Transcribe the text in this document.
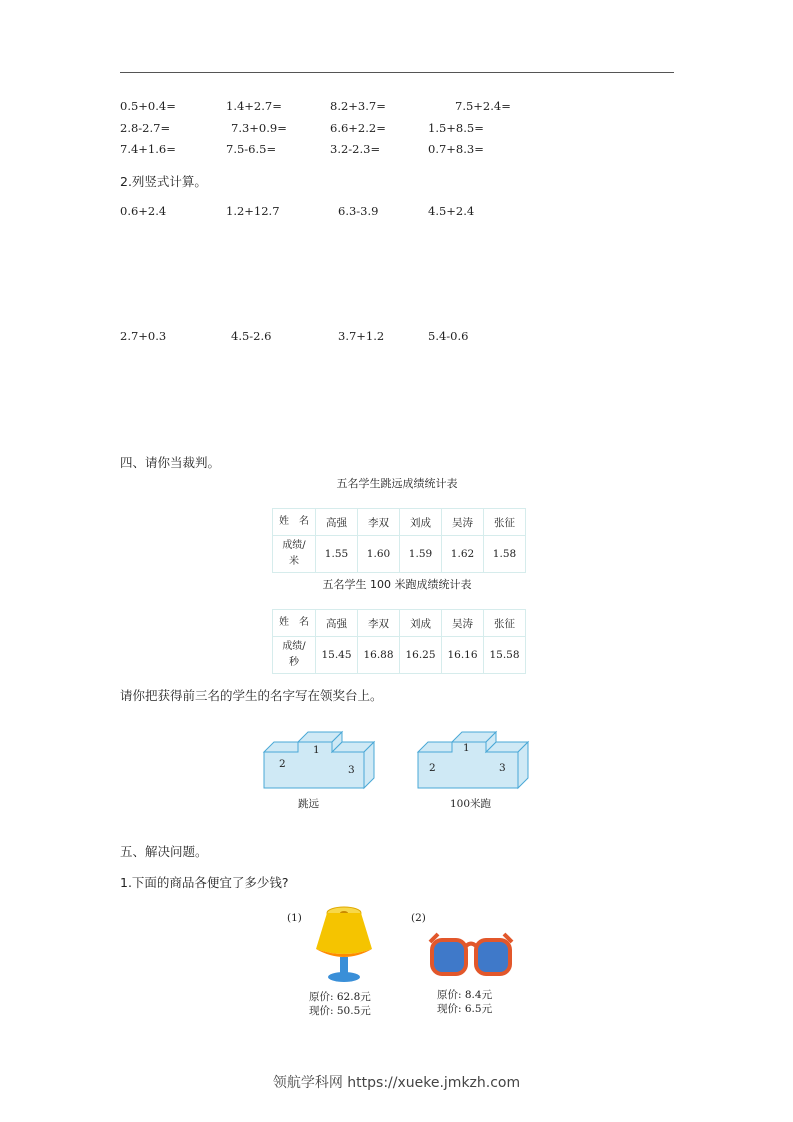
0.5+0.4=	1.4+2.7=	8.2+3.7=	7.5+2.4=
2.8-2.7=	7.3+0.9=	6.6+2.2=	1.5+8.5=
7.4+1.6=	7.5-6.5=	3.2-2.3=	0.7+8.3=
2.列竖式计算。
0.6+2.4	1.2+12.7	6.3-3.9	4.5+2.4
2.7+0.3	4.5-2.6	3.7+1.2	5.4-0.6
四、请你当裁判。
五名学生跳远成绩统计表
姓　名	高强	李双	刘成	吴涛	张征

成绩/
米	1.55	1.60	1.59	1.62	1.58
五名学生 100 米跑成绩统计表
姓　名	高强	李双	刘成	吴涛	张征

成绩/
秒	15.45	16.88	16.25	16.16	15.58
请你把获得前三名的学生的名字写在领奖台上。
1
2	3
跳远
1
2	3
100米跑
五、解决问题。
1.下面的商品各便宜了多少钱?
(1)
原价: 62.8元
现价: 50.5元
(2)
原价: 8.4元
现价: 6.5元
领航学科网 https://xueke.jmkzh.com
